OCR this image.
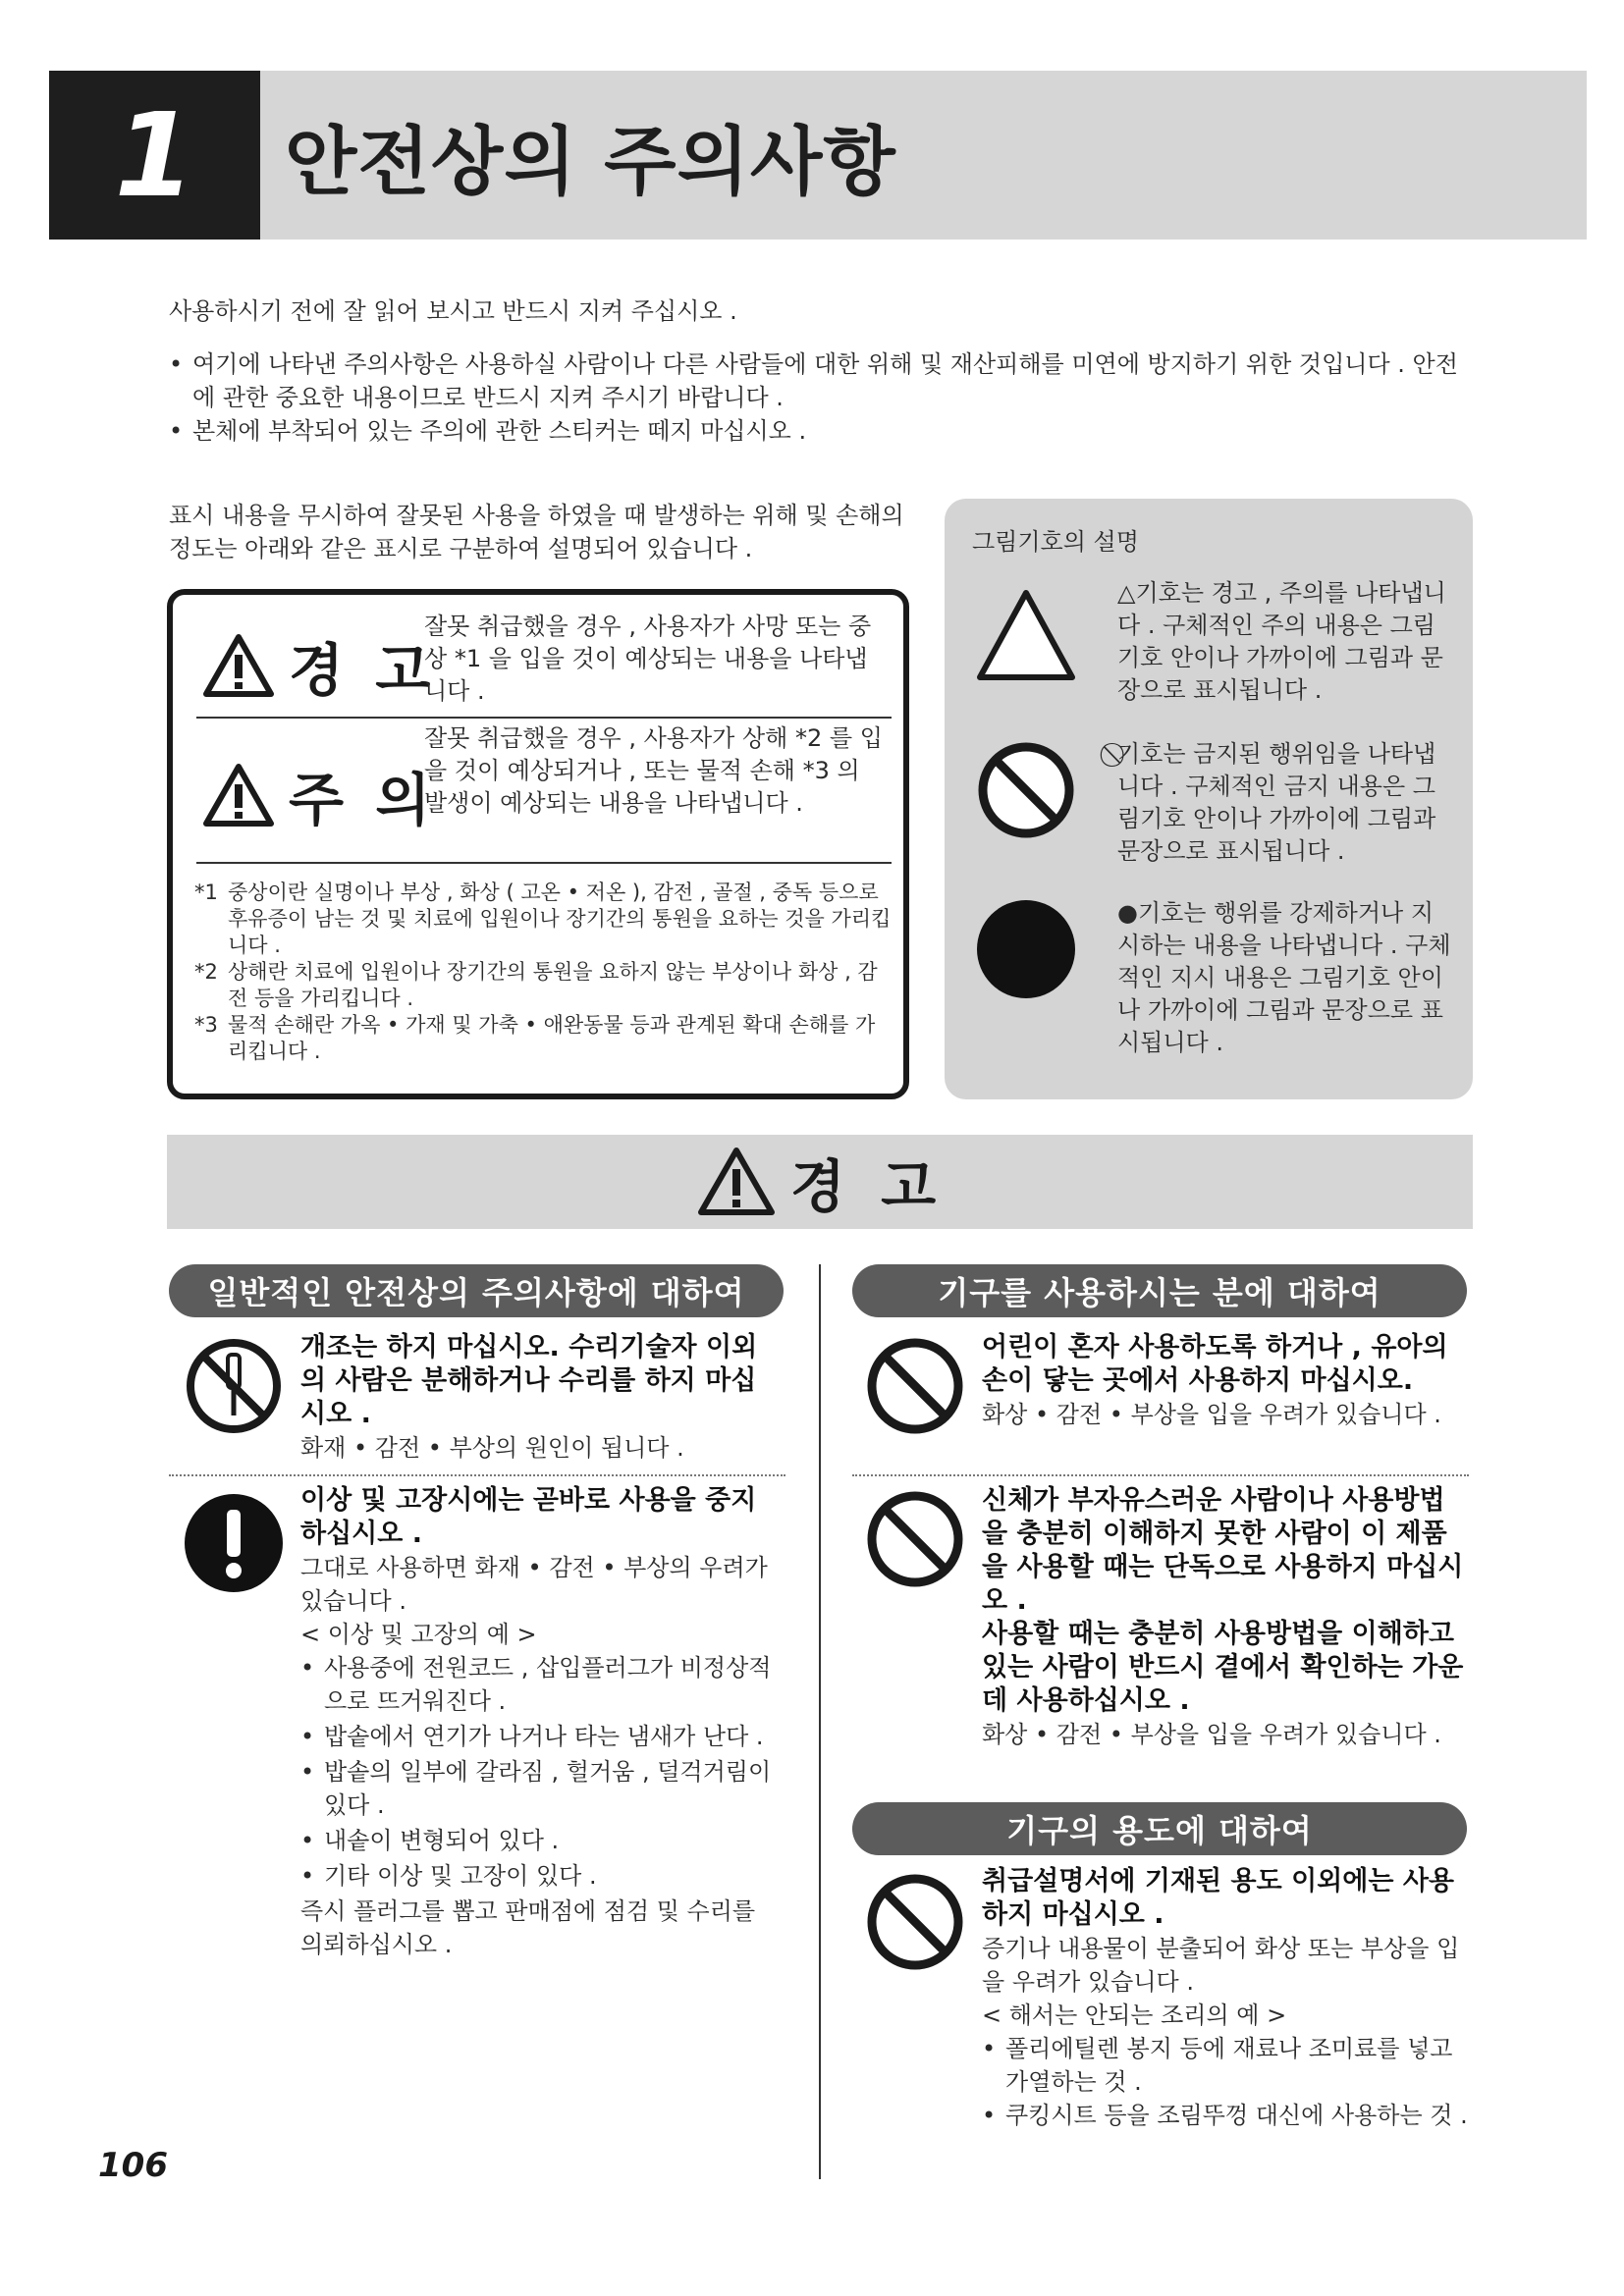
1	안전상의 주의사항
사용하시기 전에 잘 읽어 보시고 반드시 지켜 주십시오 .
• 여기에 나타낸 주의사항은 사용하실 사람이나 다른 사람들에 대한 위해 및 재산피해를 미연에 방지하기 위한 것입니다 . 안전에 관한 중요한 내용이므로 반드시 지켜 주시기 바랍니다 .
• 본체에 부착되어 있는 주의에 관한 스티커는 떼지 마십시오 .
표시 내용을 무시하여 잘못된 사용을 하였을 때 발생하는 위해 및 손해의 정도는 아래와 같은 표시로 구분하여 설명되어 있습니다 .
경 고
잘못 취급했을 경우 , 사용자가 사망 또는 중상 *1 을 입을 것이 예상되는 내용을 나타냅니다 .
주 의
잘못 취급했을 경우 , 사용자가 상해 *2 를 입을 것이 예상되거나 , 또는 물적 손해 *3 의 발생이 예상되는 내용을 나타냅니다 .
*1 중상이란 실명이나 부상 , 화상 ( 고온 • 저온 ), 감전 , 골절 , 중독 등으로 후유증이 남는 것 및 치료에 입원이나 장기간의 통원을 요하는 것을 가리킵니다 .
*2 상해란 치료에 입원이나 장기간의 통원을 요하지 않는 부상이나 화상 , 감전 등을 가리킵니다 .
*3 물적 손해란 가옥 • 가재 및 가축 • 애완동물 등과 관계된 확대 손해를 가리킵니다 .
그림기호의 설명
△기호는 경고 , 주의를 나타냅니다 . 구체적인 주의 내용은 그림기호 안이나 가까이에 그림과 문장으로 표시됩니다 .
⃠기호는 금지된 행위임을 나타냅니다 . 구체적인 금지 내용은 그림기호 안이나 가까이에 그림과 문장으로 표시됩니다 .
●기호는 행위를 강제하거나 지시하는 내용을 나타냅니다 . 구체적인 지시 내용은 그림기호 안이나 가까이에 그림과 문장으로 표시됩니다 .
경 고
일반적인 안전상의 주의사항에 대하여
개조는 하지 마십시오. 수리기술자 이외의 사람은 분해하거나 수리를 하지 마십시오 .
화재 • 감전 • 부상의 원인이 됩니다 .
이상 및 고장시에는 곧바로 사용을 중지하십시오 .
그대로 사용하면 화재 • 감전 • 부상의 우려가 있습니다 .
< 이상 및 고장의 예 >
• 사용중에 전원코드 , 삽입플러그가 비정상적으로 뜨거워진다 .
• 밥솥에서 연기가 나거나 타는 냄새가 난다 .
• 밥솥의 일부에 갈라짐 , 헐거움 , 덜걱거림이 있다 .
• 내솥이 변형되어 있다 .
• 기타 이상 및 고장이 있다 .
즉시 플러그를 뽑고 판매점에 점검 및 수리를 의뢰하십시오 .
기구를 사용하시는 분에 대하여
어린이 혼자 사용하도록 하거나 , 유아의 손이 닿는 곳에서 사용하지 마십시오.
화상 • 감전 • 부상을 입을 우려가 있습니다 .
신체가 부자유스러운 사람이나 사용방법을 충분히 이해하지 못한 사람이 이 제품을 사용할 때는 단독으로 사용하지 마십시오 .
사용할 때는 충분히 사용방법을 이해하고 있는 사람이 반드시 곁에서 확인하는 가운데 사용하십시오 .
화상 • 감전 • 부상을 입을 우려가 있습니다 .
기구의 용도에 대하여
취급설명서에 기재된 용도 이외에는 사용하지 마십시오 .
증기나 내용물이 분출되어 화상 또는 부상을 입을 우려가 있습니다 .
< 해서는 안되는 조리의 예 >
• 폴리에틸렌 봉지 등에 재료나 조미료를 넣고 가열하는 것 .
• 쿠킹시트 등을 조림뚜껑 대신에 사용하는 것 .
106
